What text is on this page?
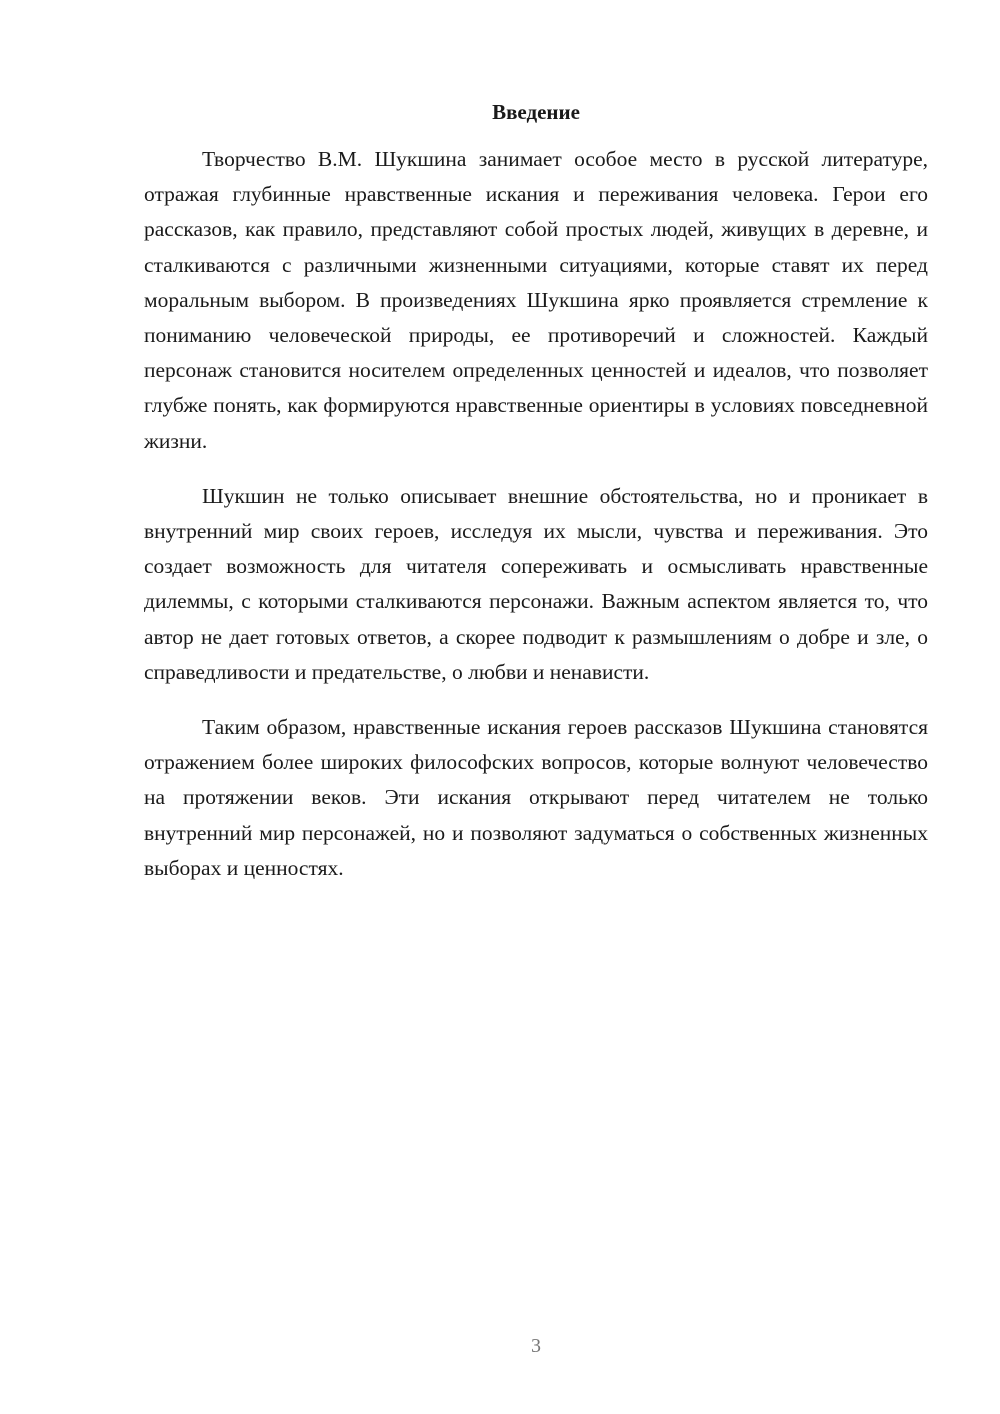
Введение

Творчество В.М. Шукшина занимает особое место в русской литературе, отражая глубинные нравственные искания и переживания человека. Герои его рассказов, как правило, представляют собой простых людей, живущих в деревне, и сталкиваются с различными жизненными ситуациями, которые ставят их перед моральным выбором. В произведениях Шукшина ярко проявляется стремление к пониманию человеческой природы, ее противоречий и сложностей. Каждый персонаж становится носителем определенных ценностей и идеалов, что позволяет глубже понять, как формируются нравственные ориентиры в условиях повседневной жизни.

Шукшин не только описывает внешние обстоятельства, но и проникает в внутренний мир своих героев, исследуя их мысли, чувства и переживания. Это создает возможность для читателя сопереживать и осмысливать нравственные дилеммы, с которыми сталкиваются персонажи. Важным аспектом является то, что автор не дает готовых ответов, а скорее подводит к размышлениям о добре и зле, о справедливости и предательстве, о любви и ненависти.

Таким образом, нравственные искания героев рассказов Шукшина становятся отражением более широких философских вопросов, которые волнуют человечество на протяжении веков. Эти искания открывают перед читателем не только внутренний мир персонажей, но и позволяют задуматься о собственных жизненных выборах и ценностях.

3
